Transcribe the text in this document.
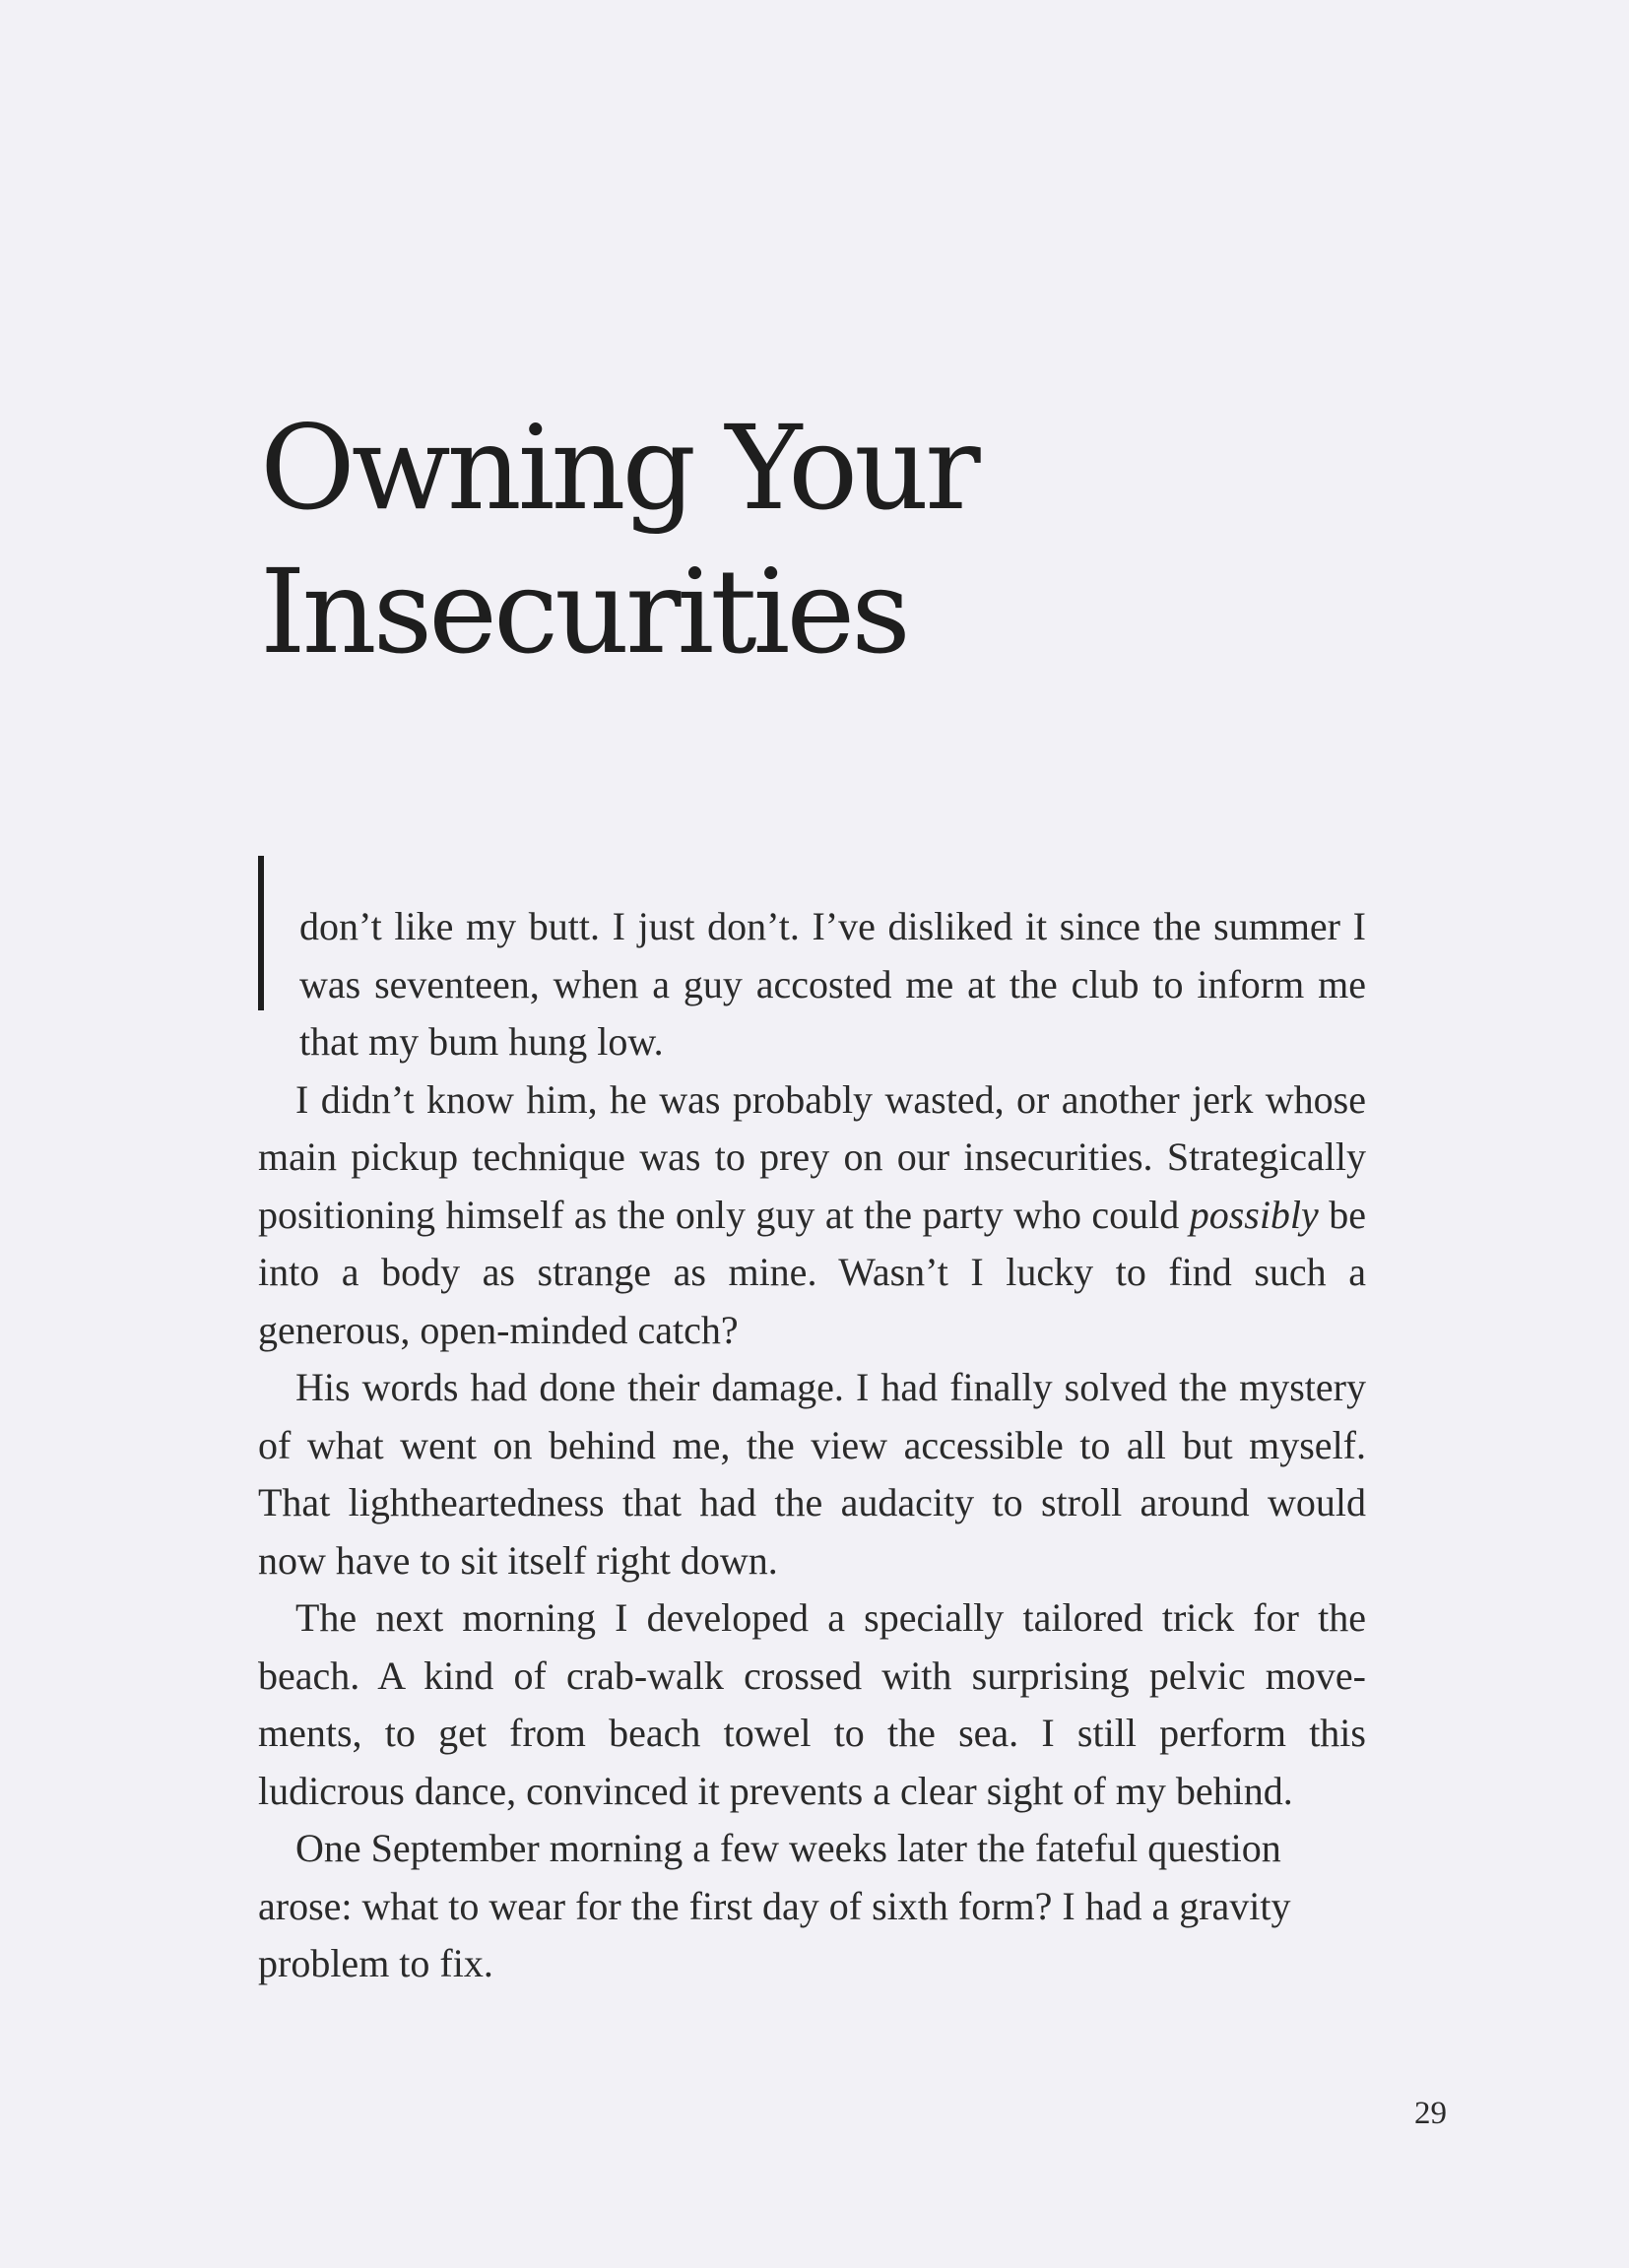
Owning Your
Insecurities

don’t like my butt. I just don’t. I’ve disliked it since the summer I was seventeen, when a guy accosted me at the club to inform me that my bum hung low.

I didn’t know him, he was probably wasted, or another jerk whose main pickup technique was to prey on our insecurities. Strategically positioning himself as the only guy at the party who could possibly be into a body as strange as mine. Wasn’t I lucky to find such a generous, open-minded catch?

His words had done their damage. I had finally solved the mystery of what went on behind me, the view accessible to all but myself. That lightheartedness that had the audacity to stroll around would now have to sit itself right down.

The next morning I developed a specially tailored trick for the beach. A kind of crab-walk crossed with surprising pelvic move-ments, to get from beach towel to the sea. I still perform this ludicrous dance, convinced it prevents a clear sight of my behind.

One September morning a few weeks later the fateful question arose: what to wear for the first day of sixth form? I had a gravity problem to fix.

29
